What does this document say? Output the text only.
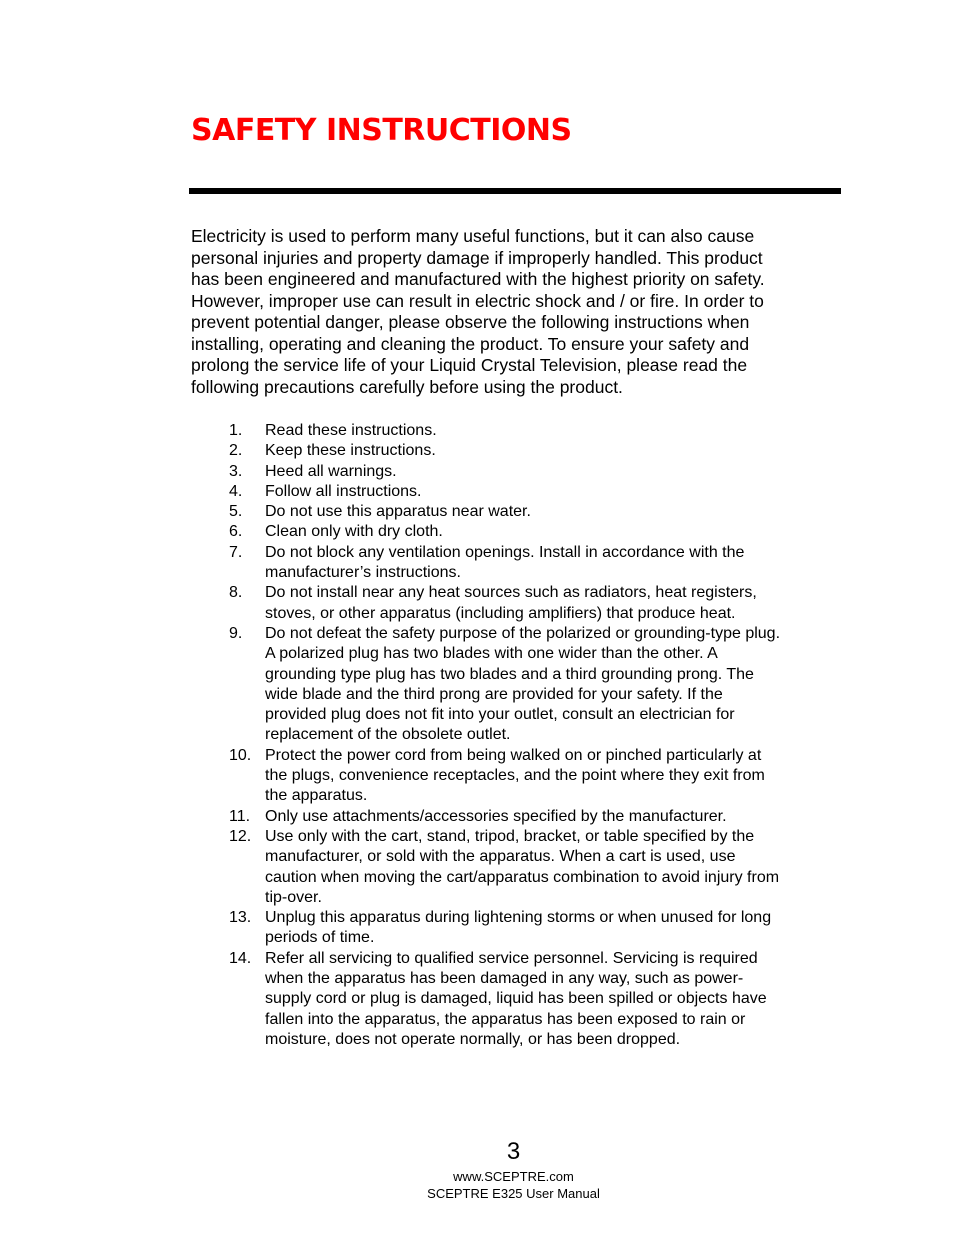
SAFETY INSTRUCTIONS

Electricity is used to perform many useful functions, but it can also cause
personal injuries and property damage if improperly handled. This product
has been engineered and manufactured with the highest priority on safety.
However, improper use can result in electric shock and / or fire. In order to
prevent potential danger, please observe the following instructions when
installing, operating and cleaning the product. To ensure your safety and
prolong the service life of your Liquid Crystal Television, please read the
following precautions carefully before using the product.

1. Read these instructions.
2. Keep these instructions.
3. Heed all warnings.
4. Follow all instructions.
5. Do not use this apparatus near water.
6. Clean only with dry cloth.
7. Do not block any ventilation openings. Install in accordance with the
manufacturer’s instructions.
8. Do not install near any heat sources such as radiators, heat registers,
stoves, or other apparatus (including amplifiers) that produce heat.
9. Do not defeat the safety purpose of the polarized or grounding-type plug.
A polarized plug has two blades with one wider than the other. A
grounding type plug has two blades and a third grounding prong. The
wide blade and the third prong are provided for your safety. If the
provided plug does not fit into your outlet, consult an electrician for
replacement of the obsolete outlet.
10. Protect the power cord from being walked on or pinched particularly at
the plugs, convenience receptacles, and the point where they exit from
the apparatus.
11. Only use attachments/accessories specified by the manufacturer.
12. Use only with the cart, stand, tripod, bracket, or table specified by the
manufacturer, or sold with the apparatus. When a cart is used, use
caution when moving the cart/apparatus combination to avoid injury from
tip-over.
13. Unplug this apparatus during lightening storms or when unused for long
periods of time.
14. Refer all servicing to qualified service personnel. Servicing is required
when the apparatus has been damaged in any way, such as power-
supply cord or plug is damaged, liquid has been spilled or objects have
fallen into the apparatus, the apparatus has been exposed to rain or
moisture, does not operate normally, or has been dropped.
3
www.SCEPTRE.com
SCEPTRE E325 User Manual
